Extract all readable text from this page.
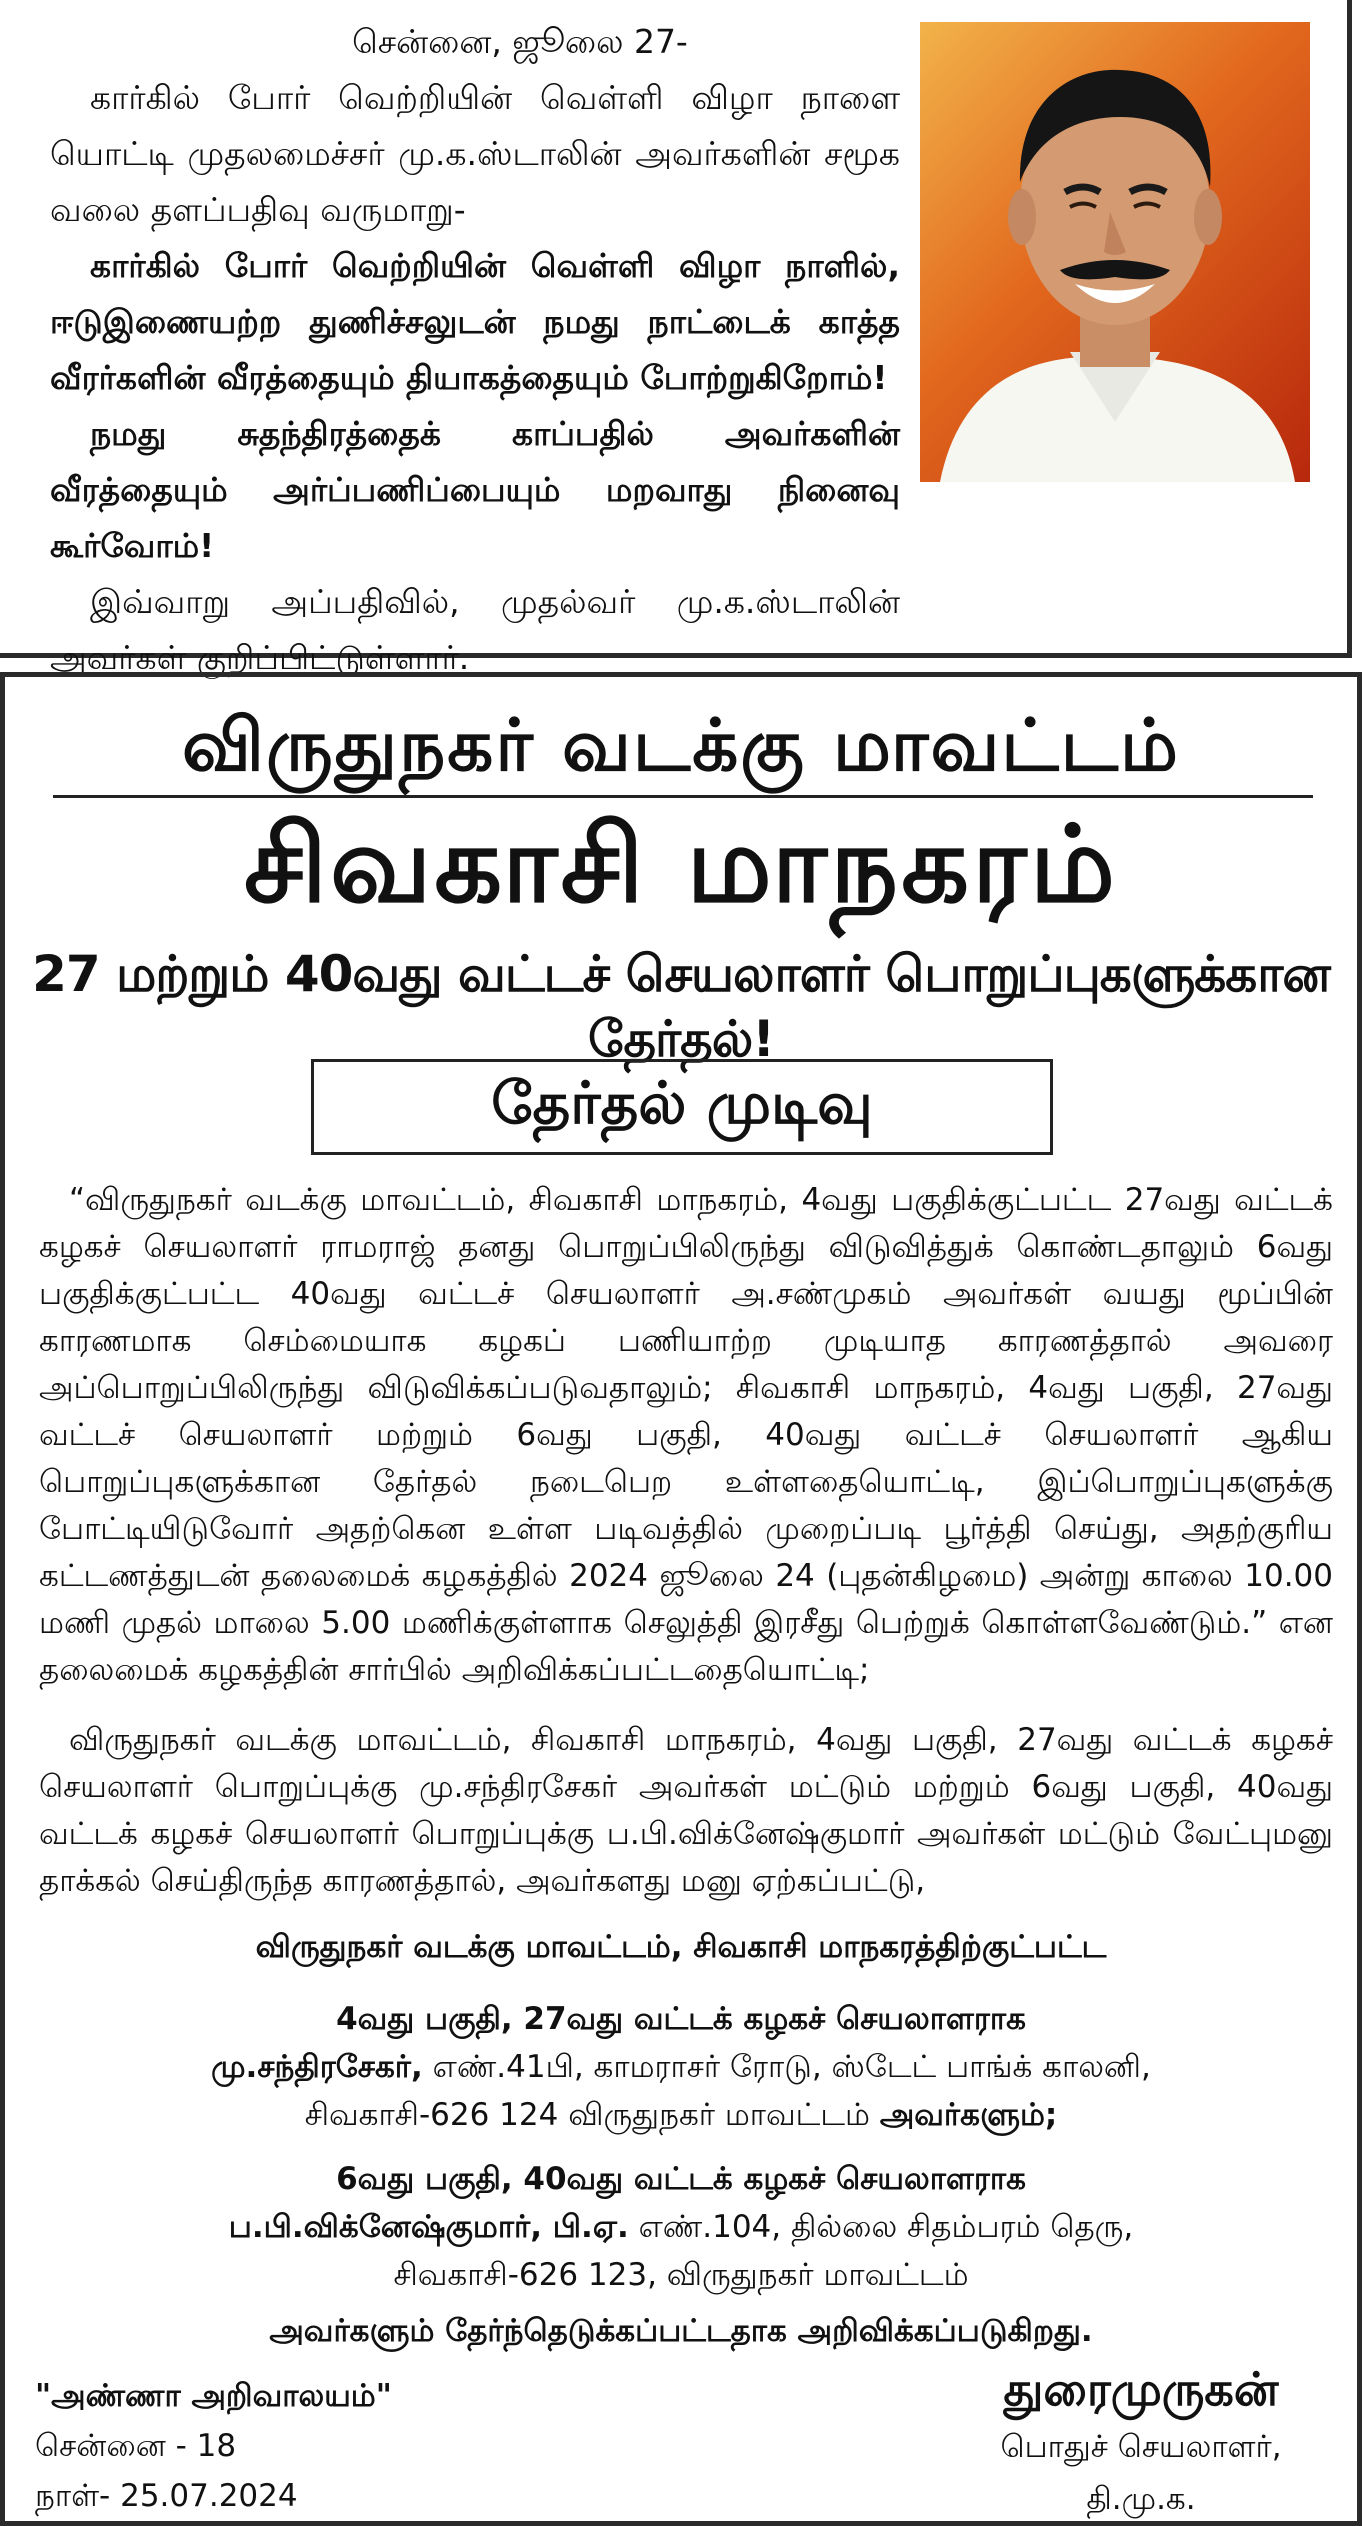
சென்னை, ஜூலை 27-

கார்கில் போர் வெற்றியின் வெள்ளி விழா நாளை யொட்டி முதலமைச்சர் மு.க.ஸ்டாலின் அவர்களின் சமூக வலை தளப்பதிவு வருமாறு-

கார்கில் போர் வெற்றியின் வெள்ளி விழா நாளில், ஈடுஇணையற்ற துணிச்சலுடன் நமது நாட்டைக் காத்த வீரர்களின் வீரத்தையும் தியாகத்தையும் போற்றுகிறோம்!

நமது சுதந்திரத்தைக் காப்பதில் அவர்களின் வீரத்தையும் அர்ப்பணிப்பையும் மறவாது நினைவு கூர்வோம்!

இவ்வாறு அப்பதிவில், முதல்வர் மு.க.ஸ்டாலின் அவர்கள் குறிப்பிட்டுள்ளார்.

விருதுநகர் வடக்கு மாவட்டம்
சிவகாசி மாநகரம்
27 மற்றும் 40வது வட்டச் செயலாளர் பொறுப்புகளுக்கான தேர்தல்!
தேர்தல் முடிவு
“விருதுநகர் வடக்கு மாவட்டம், சிவகாசி மாநகரம், 4வது பகுதிக்குட்பட்ட 27வது வட்டக் கழகச் செயலாளர் ராமராஜ் தனது பொறுப்பிலிருந்து விடுவித்துக் கொண்டதாலும் 6வது பகுதிக்குட்பட்ட 40வது வட்டச் செயலாளர் அ.சண்முகம் அவர்கள் வயது மூப்பின் காரணமாக செம்மையாக கழகப் பணியாற்ற முடியாத காரணத்தால் அவரை அப்பொறுப்பிலிருந்து விடுவிக்கப்படுவதாலும்; சிவகாசி மாநகரம், 4வது பகுதி, 27வது வட்டச் செயலாளர் மற்றும் 6வது பகுதி, 40வது வட்டச் செயலாளர் ஆகிய பொறுப்புகளுக்கான தேர்தல் நடைபெற உள்ளதையொட்டி, இப்பொறுப்புகளுக்கு போட்டியிடுவோர் அதற்கென உள்ள படிவத்தில் முறைப்படி பூர்த்தி செய்து, அதற்குரிய கட்டணத்துடன் தலைமைக் கழகத்தில் 2024 ஜூலை 24 (புதன்கிழமை) அன்று காலை 10.00 மணி முதல் மாலை 5.00 மணிக்குள்ளாக செலுத்தி இரசீது பெற்றுக் கொள்ளவேண்டும்.” என தலைமைக் கழகத்தின் சார்பில் அறிவிக்கப்பட்டதையொட்டி;
விருதுநகர் வடக்கு மாவட்டம், சிவகாசி மாநகரம், 4வது பகுதி, 27வது வட்டக் கழகச் செயலாளர் பொறுப்புக்கு மு.சந்திரசேகர் அவர்கள் மட்டும் மற்றும் 6வது பகுதி, 40வது வட்டக் கழகச் செயலாளர் பொறுப்புக்கு ப.பி.விக்னேஷ்குமார் அவர்கள் மட்டும் வேட்புமனு தாக்கல் செய்திருந்த காரணத்தால், அவர்களது மனு ஏற்கப்பட்டு,
விருதுநகர் வடக்கு மாவட்டம், சிவகாசி மாநகரத்திற்குட்பட்ட
4வது பகுதி, 27வது வட்டக் கழகச் செயலாளராக
மு.சந்திரசேகர், எண்.41பி, காமராசர் ரோடு, ஸ்டேட் பாங்க் காலனி,
சிவகாசி-626 124 விருதுநகர் மாவட்டம் அவர்களும்;
6வது பகுதி, 40வது வட்டக் கழகச் செயலாளராக
ப.பி.விக்னேஷ்குமார், பி.ஏ. எண்.104, தில்லை சிதம்பரம் தெரு,
சிவகாசி-626 123, விருதுநகர் மாவட்டம்
அவர்களும் தேர்ந்தெடுக்கப்பட்டதாக அறிவிக்கப்படுகிறது.
"அண்ணா அறிவாலயம்"
சென்னை - 18
நாள்- 25.07.2024
துரைமுருகன்
பொதுச் செயலாளர்,
தி.மு.க.
